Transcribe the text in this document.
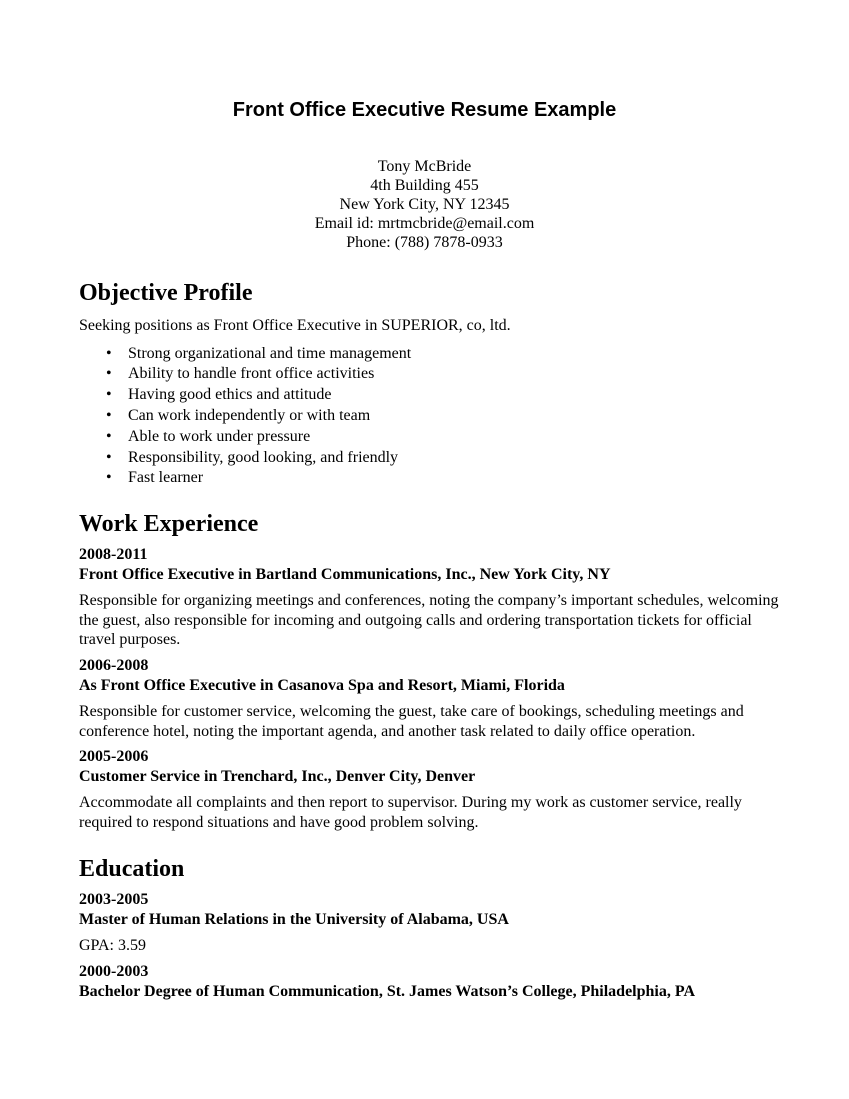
Front Office Executive Resume Example
Tony McBride
4th Building 455
New York City, NY 12345
Email id: mrtmcbride@email.com
Phone: (788) 7878-0933
Objective Profile

Seeking positions as Front Office Executive in SUPERIOR, co, ltd.

• Strong organizational and time management
• Ability to handle front office activities
• Having good ethics and attitude
• Can work independently or with team
• Able to work under pressure
• Responsibility, good looking, and friendly
• Fast learner
Work Experience
2008-2011
Front Office Executive in Bartland Communications, Inc., New York City, NY
Responsible for organizing meetings and conferences, noting the company’s important schedules, welcoming the guest, also responsible for incoming and outgoing calls and ordering transportation tickets for official travel purposes.
2006-2008
As Front Office Executive in Casanova Spa and Resort, Miami, Florida
Responsible for customer service, welcoming the guest, take care of bookings, scheduling meetings and conference hotel, noting the important agenda, and another task related to daily office operation.
2005-2006
Customer Service in Trenchard, Inc., Denver City, Denver
Accommodate all complaints and then report to supervisor. During my work as customer service, really required to respond situations and have good problem solving.
Education
2003-2005
Master of Human Relations in the University of Alabama, USA
GPA: 3.59
2000-2003
Bachelor Degree of Human Communication, St. James Watson’s College, Philadelphia, PA
